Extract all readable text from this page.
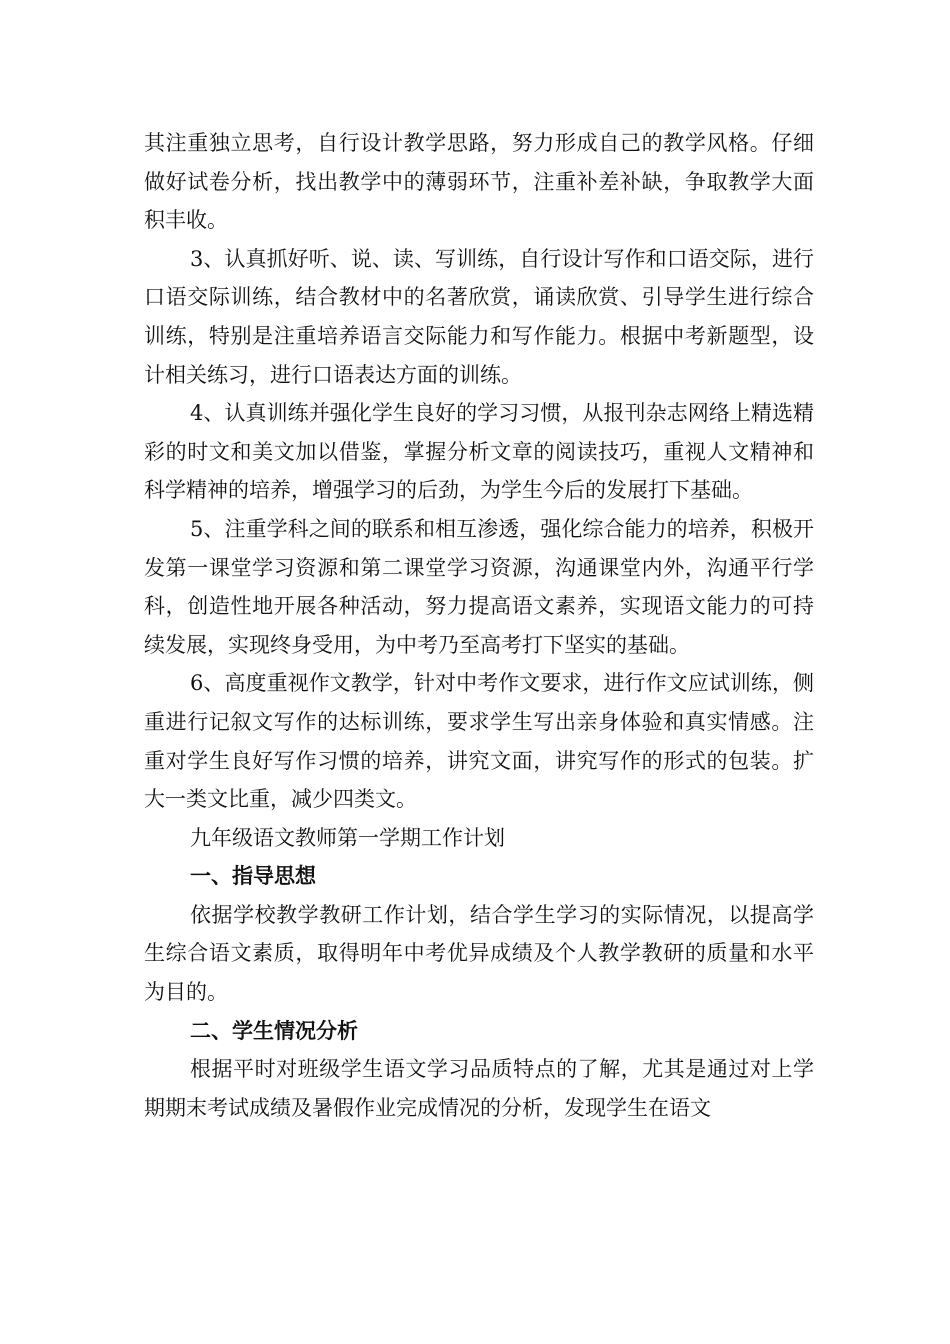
其注重独立思考，自行设计教学思路，努力形成自己的教学风格。仔细做好试卷分析，找出教学中的薄弱环节，注重补差补缺，争取教学大面积丰收。

3、认真抓好听、说、读、写训练，自行设计写作和口语交际，进行口语交际训练，结合教材中的名著欣赏，诵读欣赏、引导学生进行综合训练，特别是注重培养语言交际能力和写作能力。根据中考新题型，设计相关练习，进行口语表达方面的训练。

4、认真训练并强化学生良好的学习习惯，从报刊杂志网络上精选精彩的时文和美文加以借鉴，掌握分析文章的阅读技巧，重视人文精神和科学精神的培养，增强学习的后劲，为学生今后的发展打下基础。

5、注重学科之间的联系和相互渗透，强化综合能力的培养，积极开发第一课堂学习资源和第二课堂学习资源，沟通课堂内外，沟通平行学科，创造性地开展各种活动，努力提高语文素养，实现语文能力的可持续发展，实现终身受用，为中考乃至高考打下坚实的基础。

6、高度重视作文教学，针对中考作文要求，进行作文应试训练，侧重进行记叙文写作的达标训练，要求学生写出亲身体验和真实情感。注重对学生良好写作习惯的培养，讲究文面，讲究写作的形式的包装。扩大一类文比重，减少四类文。

九年级语文教师第一学期工作计划

一、指导思想

依据学校教学教研工作计划，结合学生学习的实际情况，以提高学生综合语文素质，取得明年中考优异成绩及个人教学教研的质量和水平为目的。

二、学生情况分析

根据平时对班级学生语文学习品质特点的了解，尤其是通过对上学期期末考试成绩及暑假作业完成情况的分析，发现学生在语文
